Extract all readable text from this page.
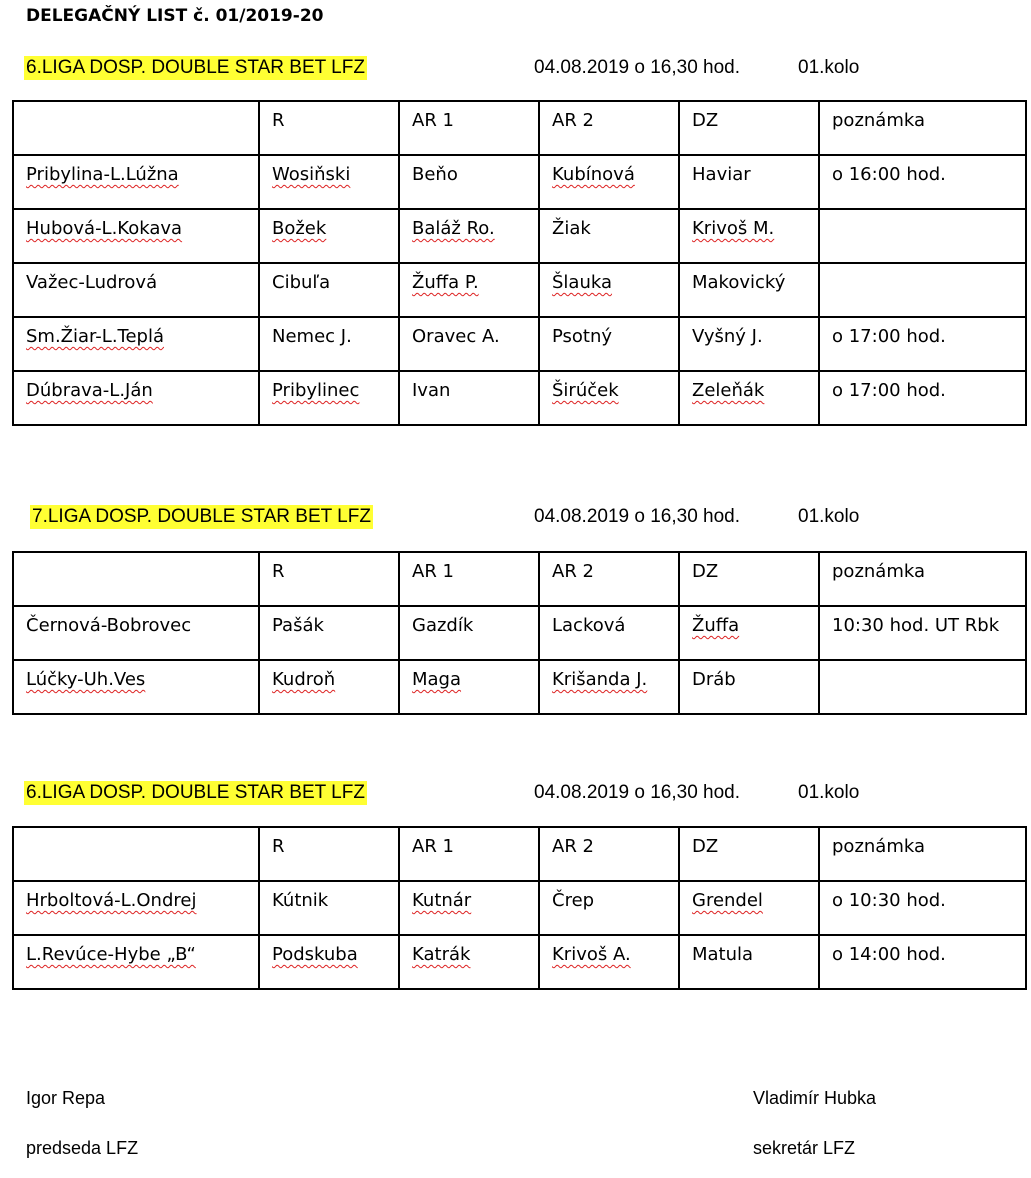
DELEGAČNÝ LIST č. 01/2019-20
6.LIGA DOSP. DOUBLE STAR BET LFZ	04.08.2019 o 16,30 hod.	01.kolo
	R	AR 1	AR 2	DZ	poznámka
Pribylina-L.Lúžna	Wosiňski	Beňo	Kubínová	Haviar	o 16:00 hod.
Hubová-L.Kokava	Božek	Baláž Ro.	Žiak	Krivoš M.	
Važec-Ludrová	Cibuľa	Žuffa P.	Šlauka	Makovický	
Sm.Žiar-L.Teplá	Nemec J.	Oravec A.	Psotný	Vyšný J.	o 17:00 hod.
Dúbrava-L.Ján	Pribylinec	Ivan	Širúček	Zeleňák	o 17:00 hod.
7.LIGA DOSP. DOUBLE STAR BET LFZ	04.08.2019 o 16,30 hod.	01.kolo
	R	AR 1	AR 2	DZ	poznámka
Černová-Bobrovec	Pašák	Gazdík	Lacková	Žuffa	10:30 hod. UT Rbk
Lúčky-Uh.Ves	Kudroň	Maga	Krišanda J.	Dráb	
6.LIGA DOSP. DOUBLE STAR BET LFZ	04.08.2019 o 16,30 hod.	01.kolo
	R	AR 1	AR 2	DZ	poznámka
Hrboltová-L.Ondrej	Kútnik	Kutnár	Črep	Grendel	o 10:30 hod.
L.Revúce-Hybe „B“	Podskuba	Katrák	Krivoš A.	Matula	o 14:00 hod.
Igor Repa
predseda LFZ
Vladimír Hubka
sekretár LFZ
